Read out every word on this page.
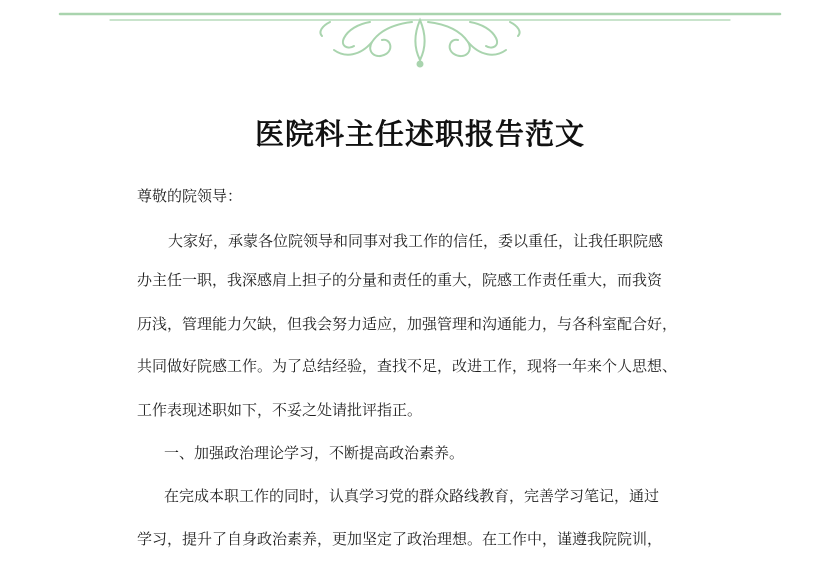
医院科主任述职报告范文

尊敬的院领导：

大家好，承蒙各位院领导和同事对我工作的信任，委以重任，让我任职院感

办主任一职，我深感肩上担子的分量和责任的重大，院感工作责任重大，而我资

历浅，管理能力欠缺，但我会努力适应，加强管理和沟通能力，与各科室配合好，

共同做好院感工作。为了总结经验，查找不足，改进工作，现将一年来个人思想、

工作表现述职如下，不妥之处请批评指正。

一、加强政治理论学习，不断提高政治素养。

在完成本职工作的同时，认真学习党的群众路线教育，完善学习笔记，通过

学习，提升了自身政治素养，更加坚定了政治理想。在工作中，谨遵我院院训，
